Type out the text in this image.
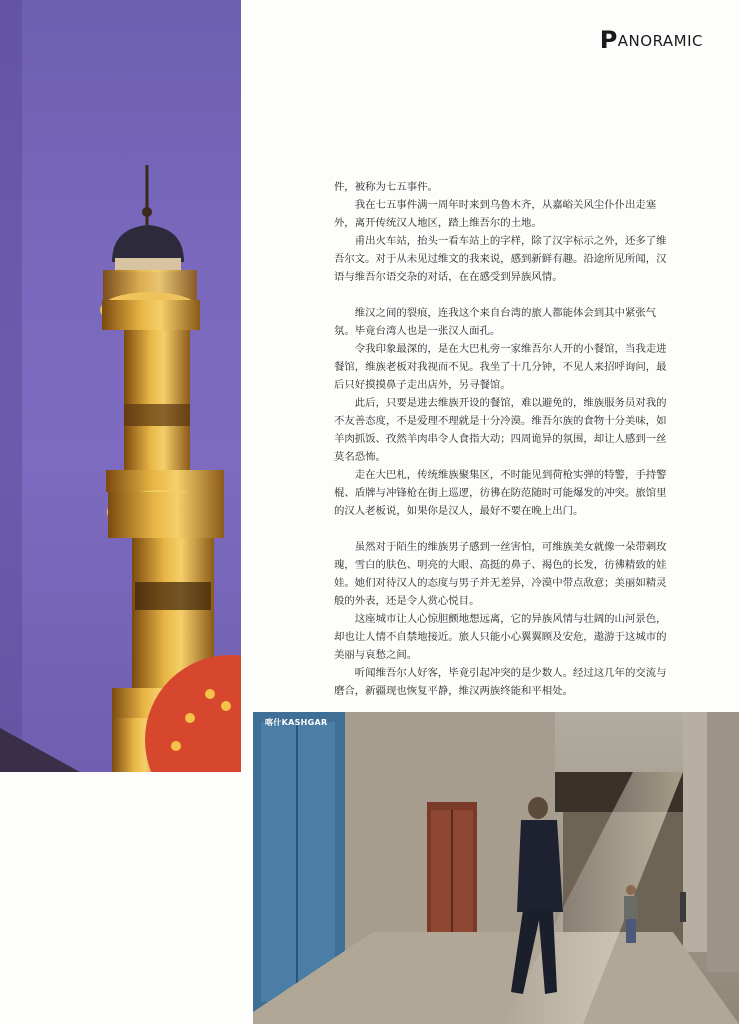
PANORAMIC

件，被称为七五事件。

我在七五事件满一周年时来到乌鲁木齐，从嘉峪关风尘仆仆出走塞外，离开传统汉人地区，踏上维吾尔的土地。

甫出火车站，抬头一看车站上的字样，除了汉字标示之外，还多了维吾尔文。对于从未见过维文的我来说，感到新鲜有趣。沿途所见所闻，汉语与维吾尔语交杂的对话，在在感受到异族风情。

维汉之间的裂痕，连我这个来自台湾的旅人都能体会到其中紧张气氛。毕竟台湾人也是一张汉人面孔。

令我印象最深的，是在大巴札旁一家维吾尔人开的小餐馆，当我走进餐馆，维族老板对我视而不见。我坐了十几分钟，不见人来招呼询问，最后只好摸摸鼻子走出店外，另寻餐馆。

此后，只要是进去维族开设的餐馆，难以避免的，维族服务员对我的不友善态度，不是爱理不理就是十分冷漠。维吾尔族的食物十分美味，如羊肉抓饭、孜然羊肉串令人食指大动；四周诡异的氛围，却让人感到一丝莫名恐怖。

走在大巴札，传统维族聚集区，不时能见到荷枪实弹的特警，手持警棍、盾牌与冲锋枪在街上巡逻，彷彿在防范随时可能爆发的冲突。旅馆里的汉人老板说，如果你是汉人，最好不要在晚上出门。

虽然对于陌生的维族男子感到一丝害怕，可维族美女就像一朵带刺玫瑰，雪白的肤色、明亮的大眼、高挺的鼻子、褐色的长发，彷彿精致的娃娃。她们对待汉人的态度与男子并无差异，冷漠中带点敌意；美丽如精灵般的外表，还是令人赏心悦目。

这座城市让人心惊胆颤地想远离，它的异族风情与壮阔的山河景色，却也让人情不自禁地接近。旅人只能小心翼翼顾及安危，遨游于这城市的美丽与哀愁之间。

听闻维吾尔人好客，毕竟引起冲突的是少数人。经过这几年的交流与磨合，新疆现也恢复平静，维汉两族终能和平相处。

喀什KASHGAR
